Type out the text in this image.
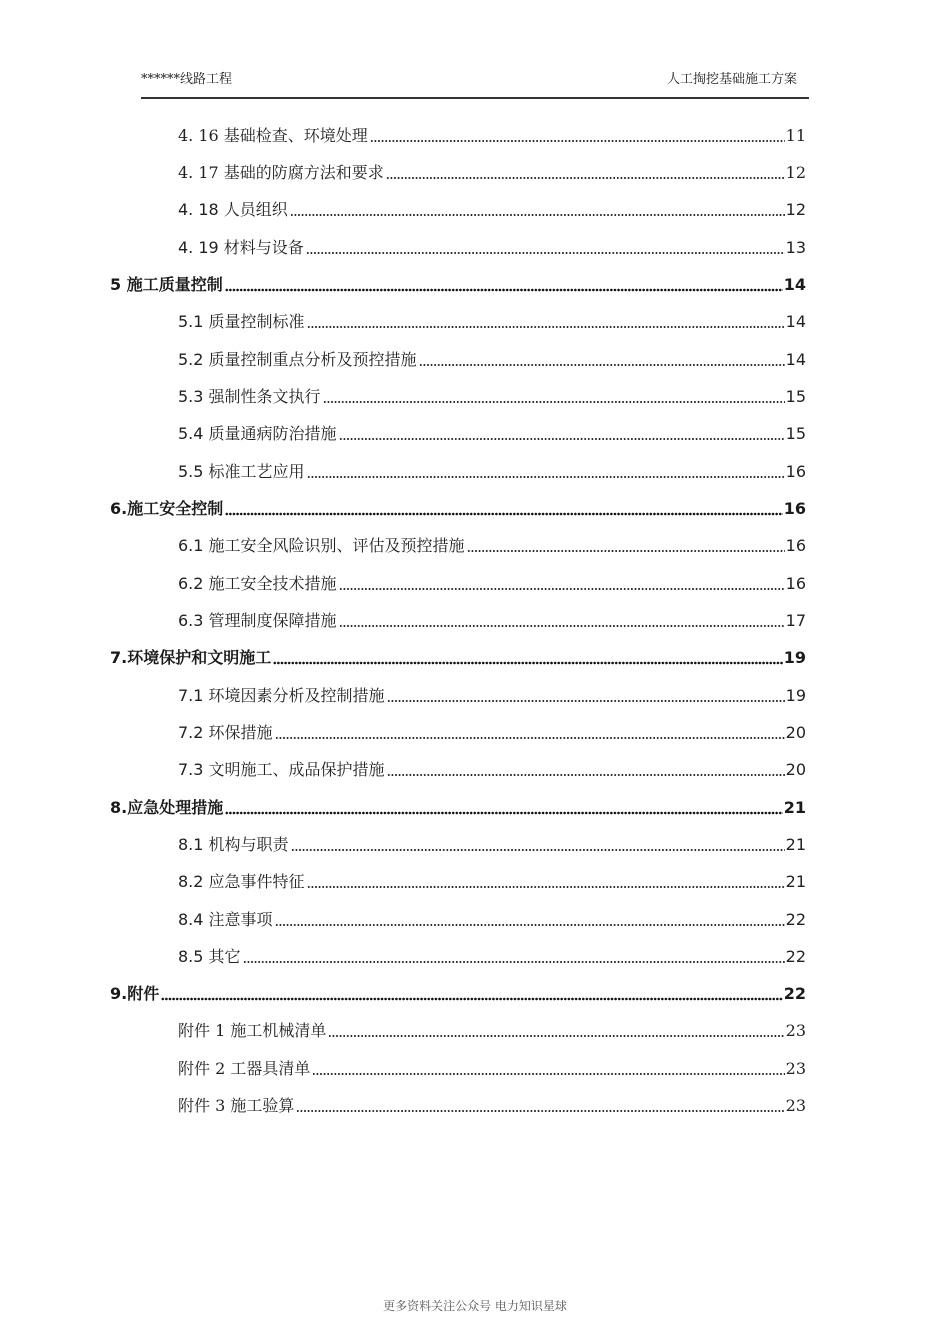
******线路工程	人工掏挖基础施工方案
4. 16 基础检查、环境处理	11
4. 17 基础的防腐方法和要求	12
4. 18 人员组织	12
4. 19 材料与设备	13
5 施工质量控制	14
5.1 质量控制标准	14
5.2 质量控制重点分析及预控措施	14
5.3 强制性条文执行	15
5.4 质量通病防治措施	15
5.5 标准工艺应用	16
6.施工安全控制	16
6.1 施工安全风险识别、评估及预控措施	16
6.2 施工安全技术措施	16
6.3 管理制度保障措施	17
7.环境保护和文明施工	19
7.1 环境因素分析及控制措施	19
7.2 环保措施	20
7.3 文明施工、成品保护措施	20
8.应急处理措施	21
8.1 机构与职责	21
8.2 应急事件特征	21
8.4 注意事项	22
8.5 其它	22
9.附件	22
附件 1 施工机械清单	23
附件 2 工器具清单	23
附件 3 施工验算	23
更多资料关注公众号 电力知识星球
